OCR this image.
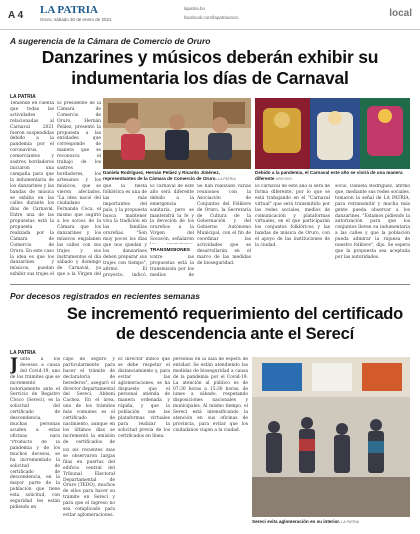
A 4 LA PATRIA
Oruro, sábado 30 de enero de 2021
lapatria.bo
facebook.com/lapatriaoruro	local
A sugerencia de la Cámara de Comercio de Oruro
Danzarines y músicos deberán exhibir su indumentaria los días de Carnaval
LA PATRIA
Teniendo en cuenta que todas las actividades relacionadas al Carnaval 2021 fueron suspendidas debido a la pandemia por el coronavirus, comerciantes y sastres bordadores iniciaron una campaña para que la indumentaria de los danzarines y las bandas de música se exhiba en las calles durante los días de Carnaval. Entre una de las propuestas está la propuesta realizada por la Cámara de Comercio de Oruro. En este caso la idea es que los danzarines y músicos, puedan exhibir sus trajes el
El presidente de la Cámara de Comercio de Oruro, Hernán Peláez, presentó la propuesta a las entidades que corresponde de manera que se reconozca el trabajo de los sastres bordadores, los artesanos y los músicos, que se vieron afectados. "La idea nació del ciudadano Fernando Coca, el mismo que sugirió a los socios de la Cámara que los danzarines y los músicos engalanen las calles con sus trajes y sus instrumentos el día sábado y domingo de Carnaval, ya que a la Virgen del
Daniela Rodríguez, Hernán Peláez y Ricardo Jiménez, representantes de la Cámara de Comercio de Oruro. LA PATRIA
Debido a la pandemia, el Carnaval este año se vivirá de una manera diferente ARCHIVO
que la fiesta folklórica es una de las más importantes del país, y la propuesta busca mantener viva la tradición en las familias orureñas. "Son muy pocos los días que nos quedan y los danzarines deben preparar sus trajes con tiempo", afirmó. El proyecto, indicó,
El carnaval de este año será diferente debido a la emergencia sanitaria, pero se mantendrá la fe y la devoción de los orureños a la Virgen del Socavón, señalaron
TRANSMISIONES
Entre las propuestas está la transmisión por los medios de
Se han realizado varias reuniones con la Asociación de Conjuntos del Folklore de Oruro, la Secretaría de Cultura de la Gobernación y del Gobierno Autónomo Municipal, con el fin de coordinar las actividades que se desarrollarán en el marco de las medidas de bioseguridad.
El carnaval de este año sí será de forma diferente, por lo que se está trabajando en el "Carnaval virtual" que será transmitido por las redes sociales, medios de comunicación y plataformas virtuales, en el que participarán los conjuntos folklóricos y las bandas de música de Oruro, con el apoyo de las instituciones de la ciudad.
socio, Daniela Rodríguez, afirmó que, mediante sus redes sociales, tomaron la señal de LA PATRIA, para retransmitir y mucha más gente pueda observar a los danzarines. "Estamos pidiendo la autorización para que los conjuntos lleven su indumentaria a las calles y que la población pueda admirar la riqueza de nuestro folklore", dijo. Se espera que la propuesta sea aceptada por las autoridades.
Por decesos registrados en recientes semanas
Se incrementó requerimiento del certificado de descendencia ante el Serecí
LA PATRIA
Junto a los decesos a causa del Covid-19, uno de los trámites que se incrementó notoriamente ante el Servicio de Registro Cívico (Serecí), es la solicitud del certificado de descendencia, muchas personas acuden a estas oficinas para
"Producto de la pandemia y de los muchos decesos, se ha incrementado la solicitud de certificado de descendencia, en la mayor parte de la población que tiene esta solicitud, con seguridad les están pidiendo en
capo de seguro y particularmente para hacer el trámite de declaratoria de herederos", aseguró el director departamental del Serecí, Abbeni Cachez. En el área, uno de los trámites más comunes es el certificado de nacimiento, aunque en los últimos días se incrementó la emisión de certificados de
En los recientes días se observaron largas filas en puertas del edificio central del Tribunal Electoral Departamental de Oruro (TEDO), muchos de ellos para hacer su trámite en Serecí y para que el ingreso no sea complicado para evitar aglomeraciones.
personas en la sala de espera de entidad. Se están atendiendo las medidas de bioseguridad a causa de la pandemia por el Covid-19. La atención al público es de 07:30 horas a 15:30 horas, de lunes a sábado, respetando disposiciones nacionales y municipales. Al mismo tiempo, el Serecí está intensificando la atención en sus oficinas de provincia, para evitar que los ciudadanos viajen a la ciudad.
El director indicó que se debe respetar el distanciamiento y, para evitar las aglomeraciones, se ha dispuesto que el personal atienda de manera ordenada y rápida, y que la población use las plataformas virtuales para realizar la solicitud previa de los certificados en línea.
Serecí evita aglomeración en su interior. LA PATRIA
